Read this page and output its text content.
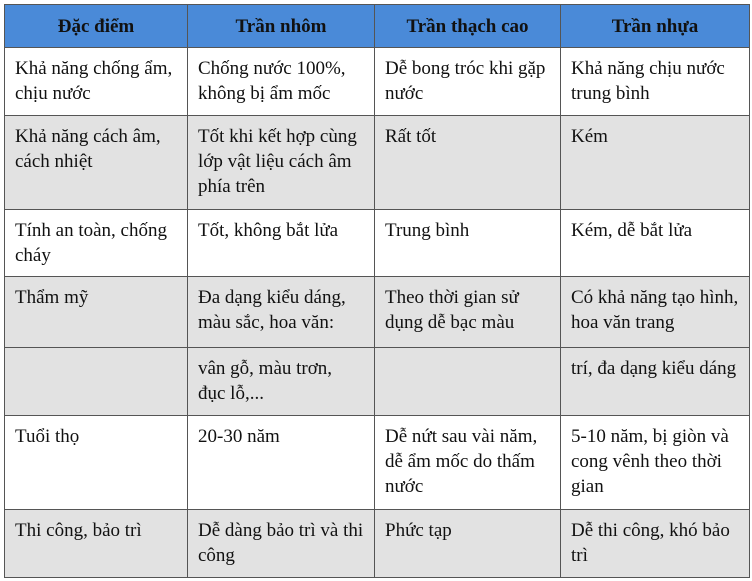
Đặc điểm	Trần nhôm	Trần thạch cao	Trần nhựa
Khả năng chống ẩm, chịu nước	Chống nước 100%, không bị ẩm mốc	Dễ bong tróc khi gặp nước	Khả năng chịu nước trung bình
Khả năng cách âm, cách nhiệt	Tốt khi kết hợp cùng lớp vật liệu cách âm phía trên	Rất tốt	Kém
Tính an toàn, chống cháy	Tốt, không bắt lửa	Trung bình	Kém, dễ bắt lửa
Thẩm mỹ	Đa dạng kiểu dáng, màu sắc, hoa văn:	Theo thời gian sử dụng dễ bạc màu	Có khả năng tạo hình, hoa văn trang
	vân gỗ, màu trơn, đục lỗ,...		trí, đa dạng kiểu dáng
Tuổi thọ	20-30 năm	Dễ nứt sau vài năm, dễ ẩm mốc do thấm nước	5-10 năm, bị giòn và cong vênh theo thời gian
Thi công, bảo trì	Dễ dàng bảo trì và thi công	Phức tạp	Dễ thi công, khó bảo trì
